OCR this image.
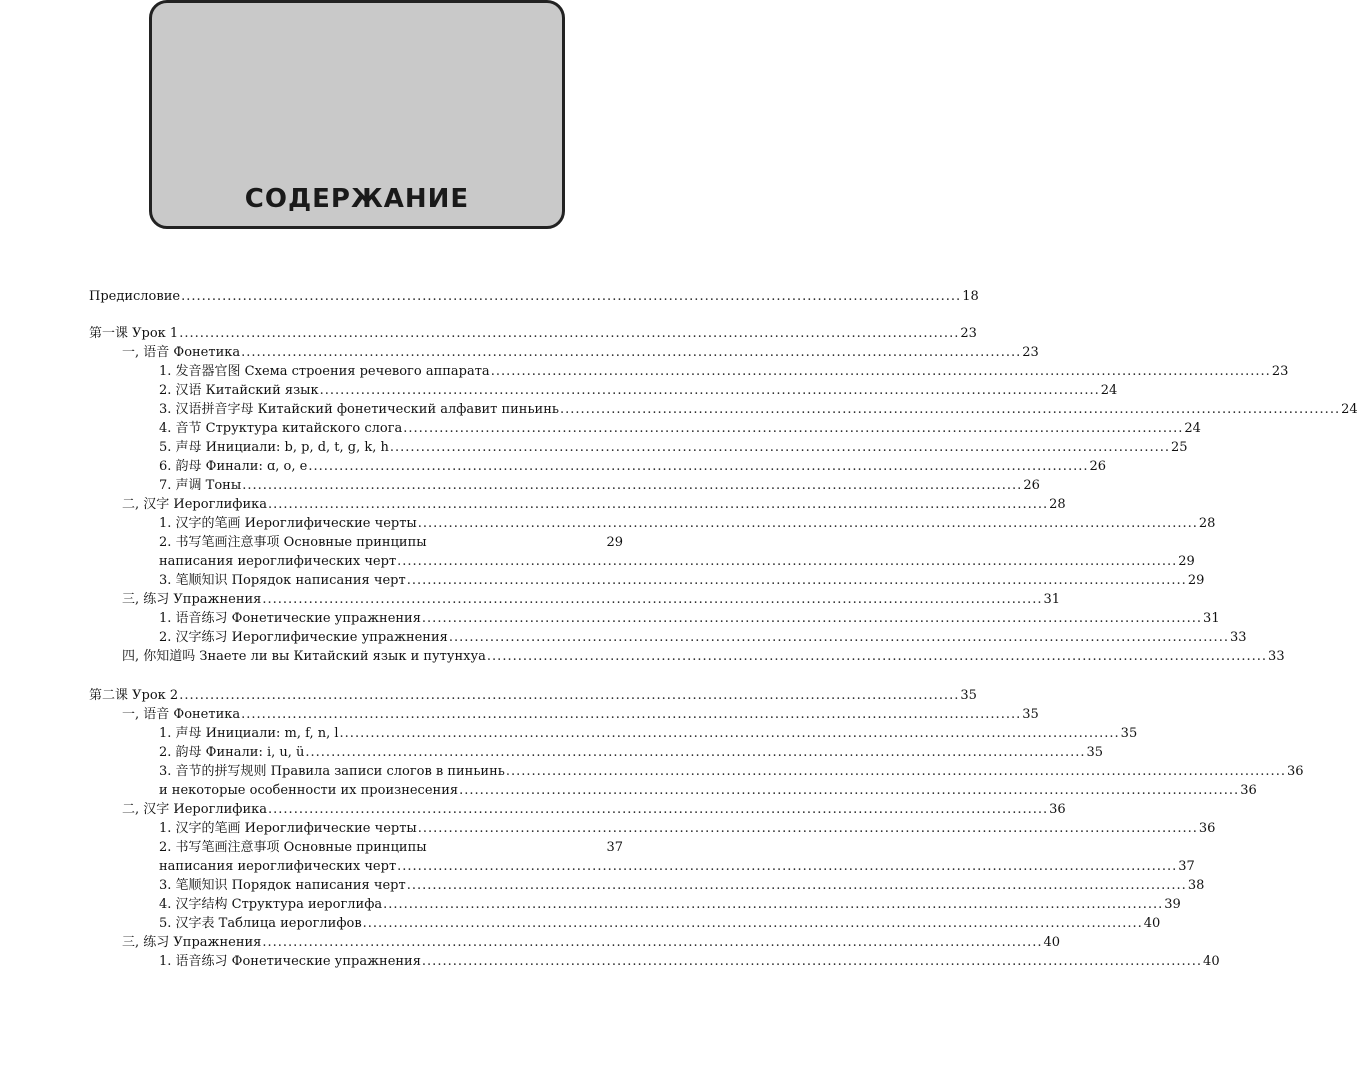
СОДЕРЖАНИЕ
Предисловие ........................................................................................................................................................ 18
第一课 Урок 1 ........................................................................................................................................................ 23
一, 语音 Фонетика ........................................................................................................................................................ 23
1. 发音器官图 Схема строения речевого аппарата ........................................................................................................................................................ 23
2. 汉语 Китайский язык ........................................................................................................................................................ 24
3. 汉语拼音字母 Китайский фонетический алфавит пиньинь ........................................................................................................................................................ 24
4. 音节 Структура китайского слога ........................................................................................................................................................ 24
5. 声母 Инициали: b, p, d, t, g, k, h ........................................................................................................................................................ 25
6. 韵母 Финали: ɑ, o, e ........................................................................................................................................................ 26
7. 声调 Тоны ........................................................................................................................................................ 26
二, 汉字 Иероглифика ........................................................................................................................................................ 28
1. 汉字的笔画 Иероглифические черты ........................................................................................................................................................ 28
2. 书写笔画注意事项 Основные принципы	29
написания иероглифических черт ........................................................................................................................................................ 29
3. 笔顺知识 Порядок написания черт ........................................................................................................................................................ 29
三, 练习 Упражнения ........................................................................................................................................................ 31
1. 语音练习 Фонетические упражнения ........................................................................................................................................................ 31
2. 汉字练习 Иероглифические упражнения ........................................................................................................................................................ 33
四, 你知道吗 Знаете ли вы Китайский язык и путунхуа ........................................................................................................................................................ 33
第二课 Урок 2 ........................................................................................................................................................ 35
一, 语音 Фонетика ........................................................................................................................................................ 35
1. 声母 Инициали: m, f, n, l ........................................................................................................................................................ 35
2. 韵母 Финали: i, u, ü ........................................................................................................................................................ 35
3. 音节的拼写规则 Правила записи слогов в пиньинь ........................................................................................................................................................ 36
и некоторые особенности их произнесения ........................................................................................................................................................ 36
二, 汉字 Иероглифика ........................................................................................................................................................ 36
1. 汉字的笔画 Иероглифические черты ........................................................................................................................................................ 36
2. 书写笔画注意事项 Основные принципы	37
написания иероглифических черт ........................................................................................................................................................ 37
3. 笔顺知识 Порядок написания черт ........................................................................................................................................................ 38
4. 汉字结构 Структура иероглифа ........................................................................................................................................................ 39
5. 汉字表 Таблица иероглифов ........................................................................................................................................................ 40
三, 练习 Упражнения ........................................................................................................................................................ 40
1. 语音练习 Фонетические упражнения ........................................................................................................................................................ 40
